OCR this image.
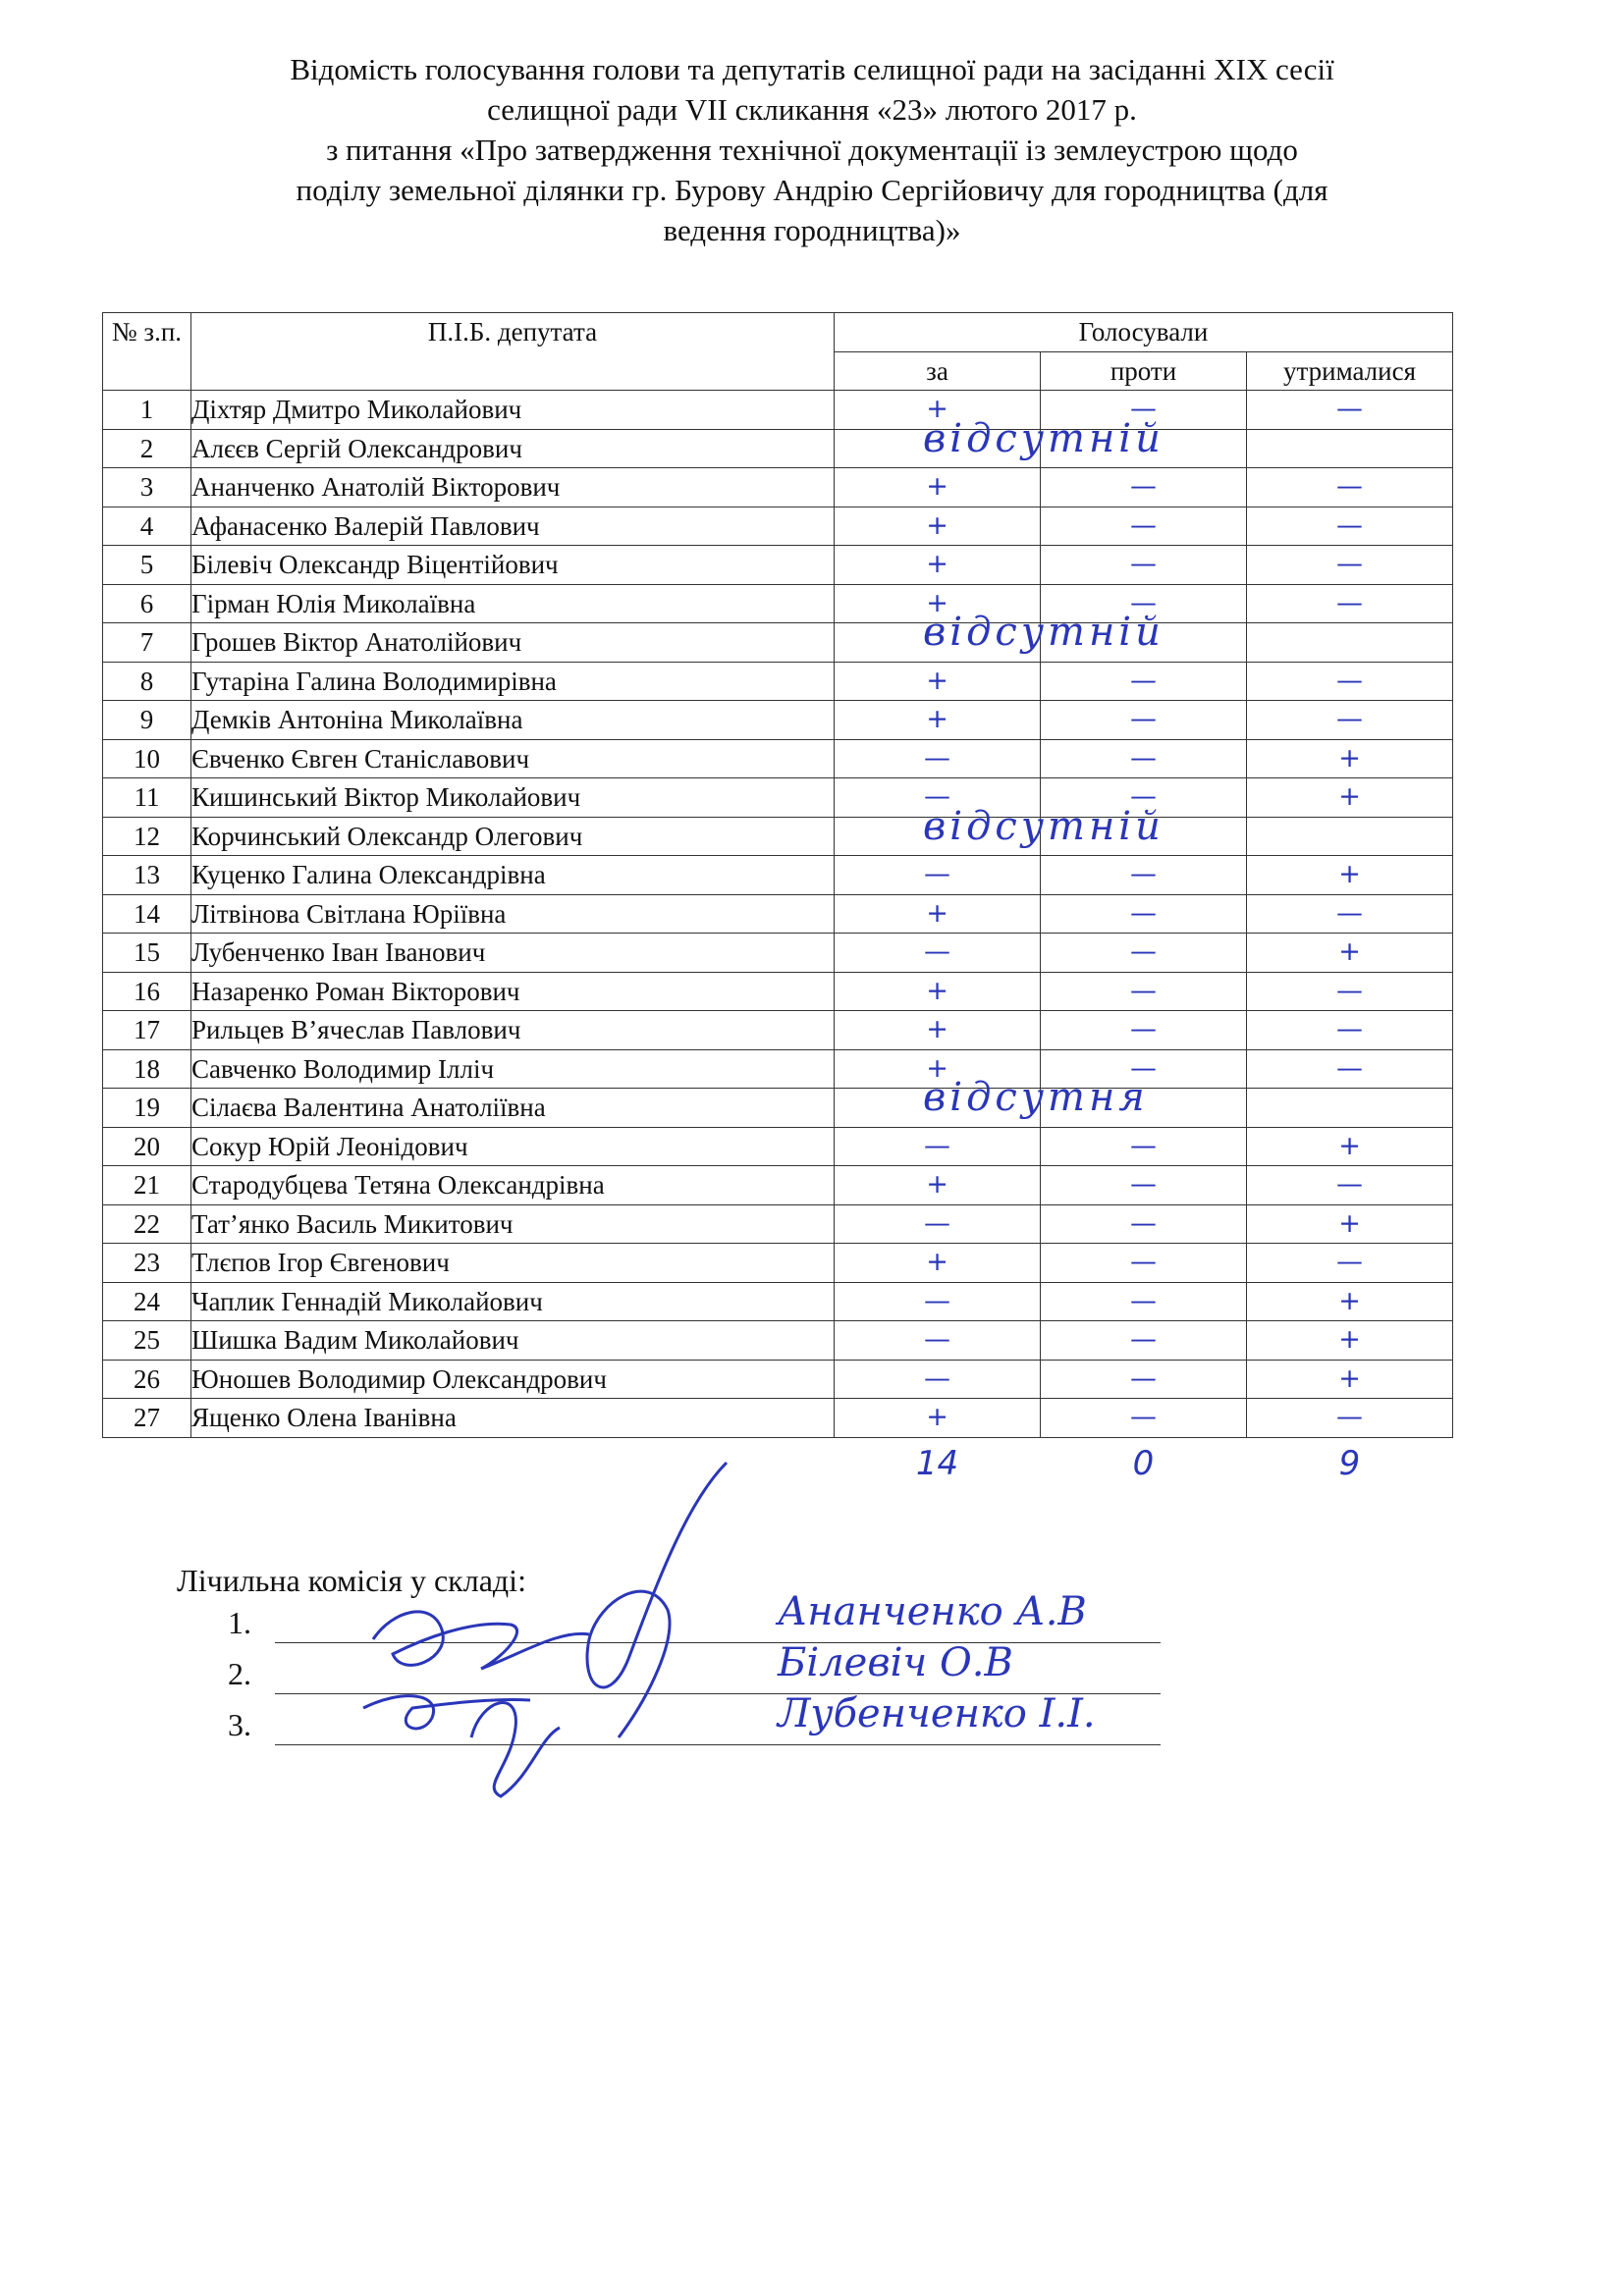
Відомість голосування голови та депутатів селищної ради на засіданні ХІХ сесії
селищної ради VII скликання «23» лютого 2017 р.
з питання «Про затвердження технічної документації із землеустрою щодо
поділу земельної ділянки гр. Бурову Андрію Сергійовичу для городництва (для
ведення городництва)»
№ з.п.	П.І.Б. депутата	Голосували		
		за	проти	утрималися
1	Діхтяр Дмитро Миколайович	+	—	—
2	Алєєв Сергій Олександрович	відсутній		

3	Ананченко Анатолій Вікторович	+	—	—
4	Афанасенко Валерій Павлович	+	—	—
5	Білевіч Олександр Віцентійович	+	—	—
6	Гірман Юлія Миколаївна	+	—	—
7	Грошев Віктор Анатолійович	відсутній		

8	Гутаріна Галина Володимирівна	+	—	—
9	Демків Антоніна Миколаївна	+	—	—
10	Євченко Євген Станіславович	—	—	+
11	Кишинський Віктор Миколайович	—	—	+
12	Корчинський Олександр Олегович	відсутній		

13	Куценко Галина Олександрівна	—	—	+
14	Літвінова Світлана Юріївна	+	—	—
15	Лубенченко Іван Іванович	—	—	+
16	Назаренко Роман Вікторович	+	—	—
17	Рильцев В’ячеслав Павлович	+	—	—
18	Савченко Володимир Ілліч	+	—	—
19	Сілаєва Валентина Анатоліївна	відсутня		

20	Сокур Юрій Леонідович	—	—	+
21	Стародубцева Тетяна Олександрівна	+	—	—
22	Тат’янко Василь Микитович	—	—	+
23	Тлєпов Ігор Євгенович	+	—	—
24	Чаплик Геннадій Миколайович	—	—	+
25	Шишка Вадим Миколайович	—	—	+
26	Юношев Володимир Олександрович	—	—	+
27	Ященко Олена Іванівна	+	—	—
		14	0	9
Лічильна комісія у складі:
1.	Ананченко А.В
2.	Білевіч О.В
3.	Лубенченко І.І.
